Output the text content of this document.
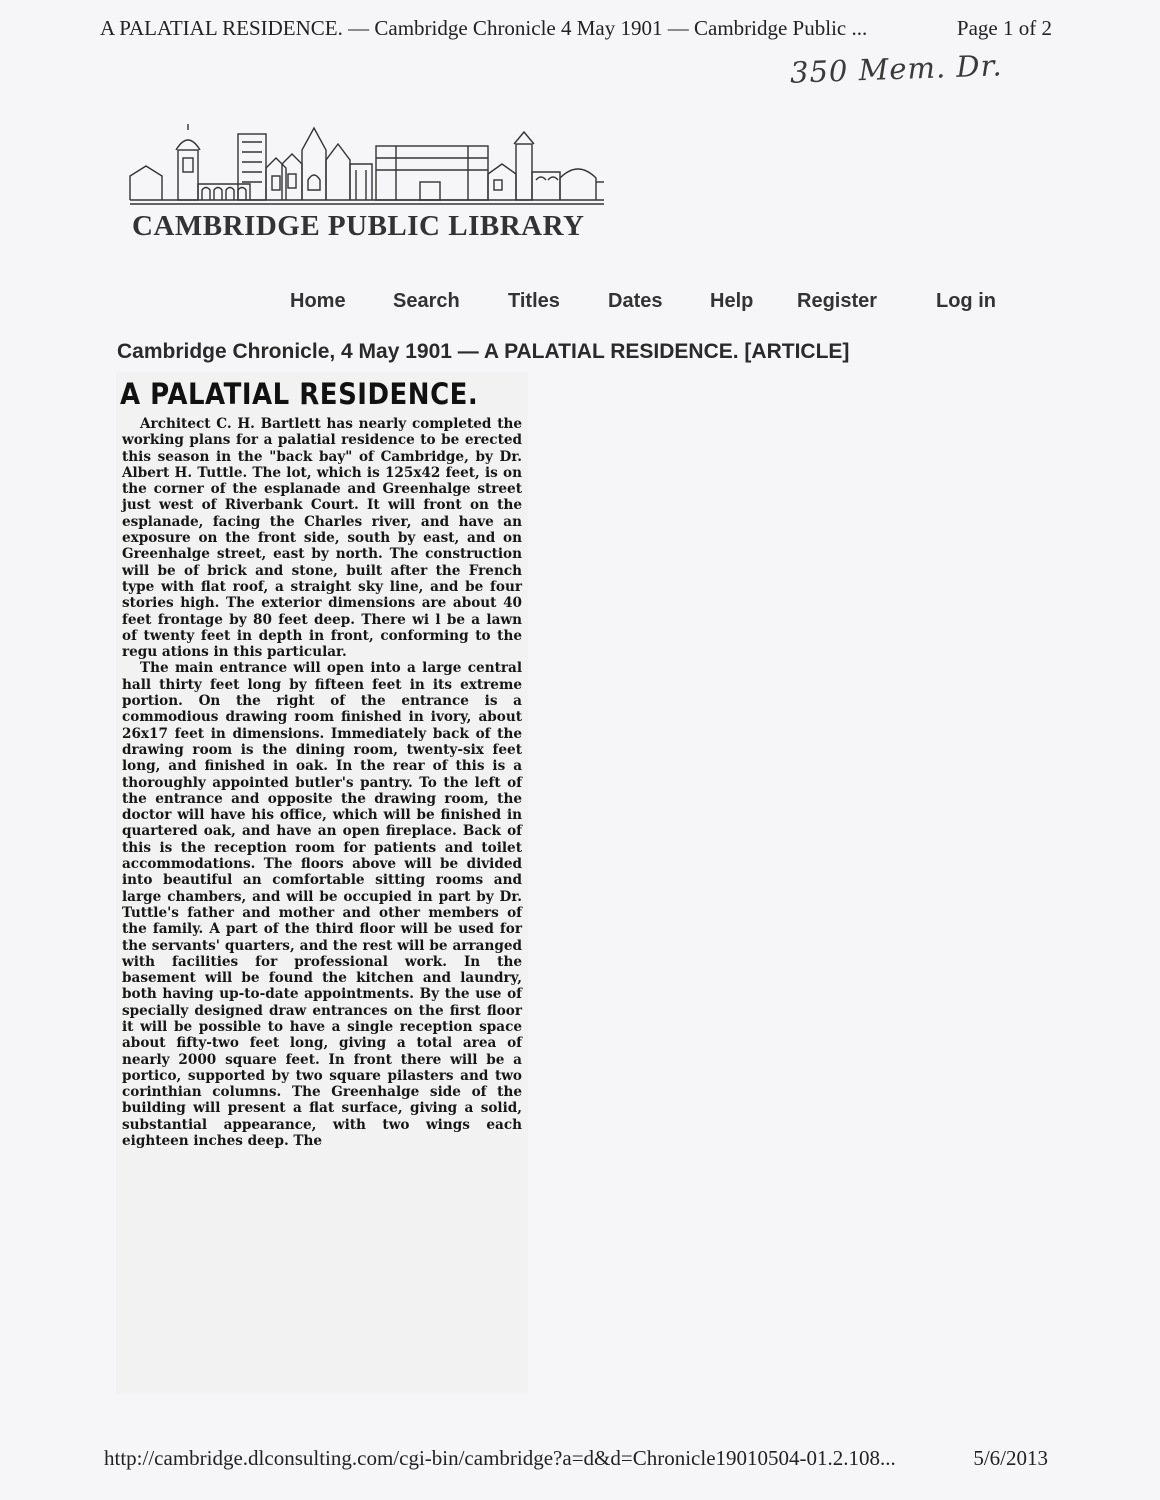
A PALATIAL RESIDENCE. — Cambridge Chronicle 4 May 1901 — Cambridge Public ...	Page 1 of 2
350 Mem. Dr.
CAMBRIDGE PUBLIC LIBRARY
Home Search Titles Dates Help Register	Log in
Cambridge Chronicle, 4 May 1901 — A PALATIAL RESIDENCE. [ARTICLE]
A PALATIAL RESIDENCE.

Architect C. H. Bartlett has nearly completed the working plans for a palatial residence to be erected this season in the "back bay" of Cambridge, by Dr. Albert H. Tuttle. The lot, which is 125x42 feet, is on the corner of the esplanade and Greenhalge street just west of Riverbank Court. It will front on the esplanade, facing the Charles river, and have an exposure on the front side, south by east, and on Greenhalge street, east by north. The construction will be of brick and stone, built after the French type with flat roof, a straight sky line, and be four stories high. The exterior dimensions are about 40 feet frontage by 80 feet deep. There wi l be a lawn of twenty feet in depth in front, conforming to the regu ations in this particular.

The main entrance will open into a large central hall thirty feet long by fifteen feet in its extreme portion. On the right of the entrance is a commodious drawing room finished in ivory, about 26x17 feet in dimensions. Immediately back of the drawing room is the dining room, twenty-six feet long, and finished in oak. In the rear of this is a thoroughly appointed butler's pantry. To the left of the entrance and opposite the drawing room, the doctor will have his office, which will be finished in quartered oak, and have an open fireplace. Back of this is the reception room for patients and toilet accommodations. The floors above will be divided into beautiful an comfortable sitting rooms and large chambers, and will be occupied in part by Dr. Tuttle's father and mother and other members of the family. A part of the third floor will be used for the servants' quarters, and the rest will be arranged with facilities for professional work. In the basement will be found the kitchen and laundry, both having up-to-date appointments. By the use of specially designed draw entrances on the first floor it will be possible to have a single reception space about fifty-two feet long, giving a total area of nearly 2000 square feet. In front there will be a portico, supported by two square pilasters and two corinthian columns. The Greenhalge side of the building will present a flat surface, giving a solid, substantial appearance, with two wings each eighteen inches deep. The

http://cambridge.dlconsulting.com/cgi-bin/cambridge?a=d&d=Chronicle19010504-01.2.108...	5/6/2013
